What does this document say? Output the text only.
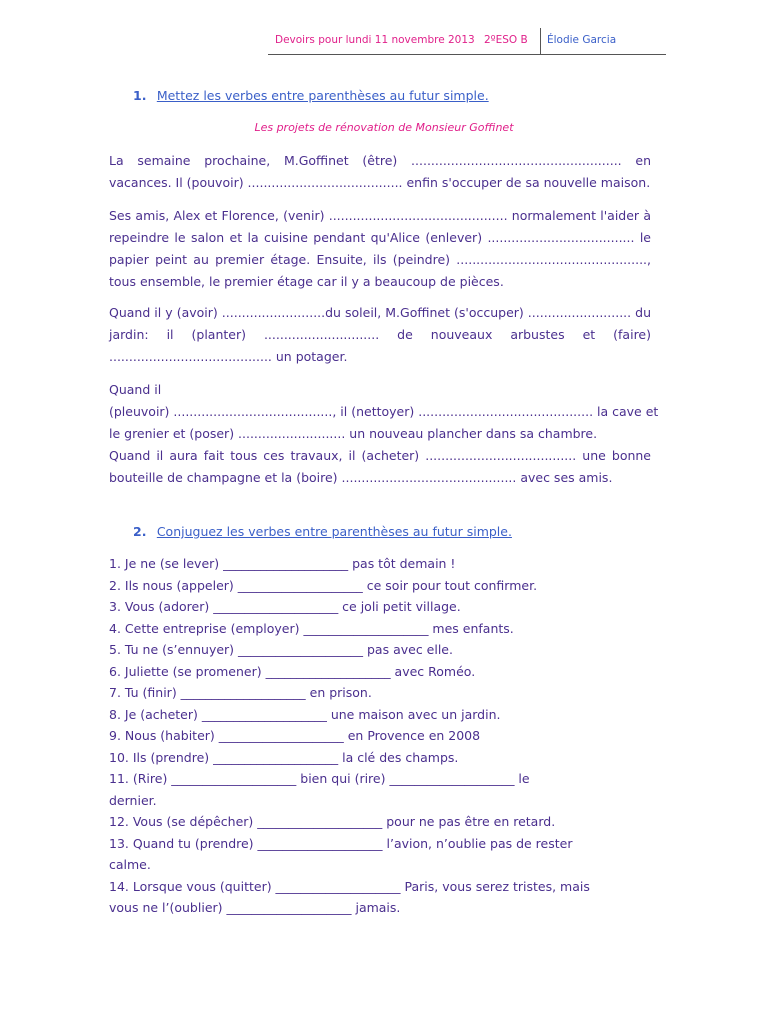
Devoirs pour lundi 11 novembre 2013 2ºESO B Élodie Garcia
1. Mettez les verbes entre parenthèses au futur simple.
Les projets de rénovation de Monsieur Goffinet
La semaine prochaine, M.Goffinet (être) ..................................................... en
vacances. Il (pouvoir) ....................................... enfin s'occuper de sa nouvelle maison.
Ses amis, Alex et Florence, (venir) ............................................. normalement l'aider à
repeindre le salon et la cuisine pendant qu'Alice (enlever) ..................................... le
papier peint au premier étage. Ensuite, ils (peindre) ................................................,
tous ensemble, le premier étage car il y a beaucoup de pièces.
Quand il y (avoir) ..........................du soleil, M.Goffinet (s'occuper) .......................... du
jardin: il (planter) ............................. de nouveaux arbustes et (faire)
......................................... un potager.
Quand il
(pleuvoir) ........................................, il (nettoyer) ............................................ la cave et
le grenier et (poser) ........................... un nouveau plancher dans sa chambre.
Quand il aura fait tous ces travaux, il (acheter) ...................................... une bonne
bouteille de champagne et la (boire) ............................................ avec ses amis.
2. Conjuguez les verbes entre parenthèses au futur simple.
1. Je ne (se lever) ____________________ pas tôt demain !
2. Ils nous (appeler) ____________________ ce soir pour tout confirmer.
3. Vous (adorer) ____________________ ce joli petit village.
4. Cette entreprise (employer) ____________________ mes enfants.
5. Tu ne (s’ennuyer) ____________________ pas avec elle.
6. Juliette (se promener) ____________________ avec Roméo.
7. Tu (finir) ____________________ en prison.
8. Je (acheter) ____________________ une maison avec un jardin.
9. Nous (habiter) ____________________ en Provence en 2008
10. Ils (prendre) ____________________ la clé des champs.
11. (Rire) ____________________ bien qui (rire) ____________________ le
dernier.
12. Vous (se dépêcher) ____________________ pour ne pas être en retard.
13. Quand tu (prendre) ____________________ l’avion, n’oublie pas de rester
calme.
14. Lorsque vous (quitter) ____________________ Paris, vous serez tristes, mais
vous ne l’(oublier) ____________________ jamais.
